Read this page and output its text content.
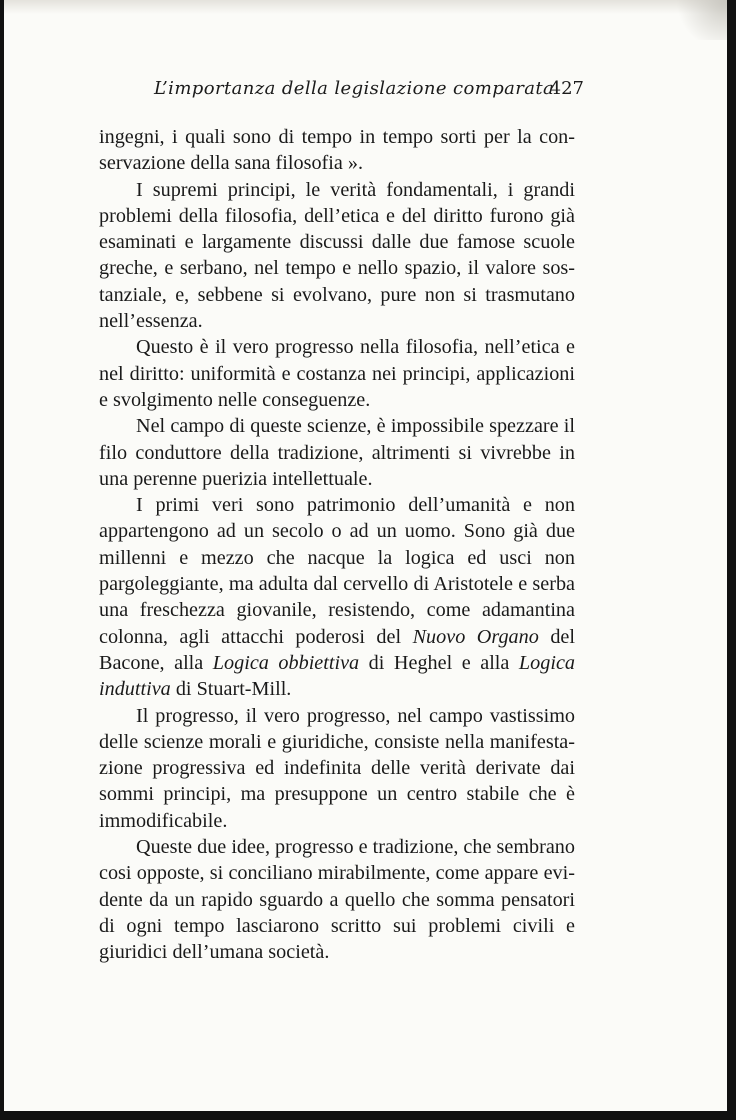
L’importanza della legislazione comparata
427

ingegni, i quali sono di tempo in tempo sorti per la conservazione della sana filosofia ».

I supremi principi, le verità fondamentali, i grandi problemi della filosofia, dell’etica e del diritto furono già esaminati e largamente discussi dalle due famose scuole greche, e serbano, nel tempo e nello spazio, il valore sostanziale, e, sebbene si evolvano, pure non si trasmutano nell’essenza.

Questo è il vero progresso nella filosofia, nell’etica e nel diritto: uniformità e costanza nei principi, applicazioni e svolgimento nelle conseguenze.

Nel campo di queste scienze, è impossibile spezzare il filo conduttore della tradizione, altrimenti si vivrebbe in una perenne puerizia intellettuale.

I primi veri sono patrimonio dell’umanità e non appartengono ad un secolo o ad un uomo. Sono già due millenni e mezzo che nacque la logica ed usci non pargoleggiante, ma adulta dal cervello di Aristotele e serba una freschezza giovanile, resistendo, come adamantina colonna, agli attacchi poderosi del Nuovo Organo del Bacone, alla Logica obbiettiva di Heghel e alla Logica induttiva di Stuart-Mill.

Il progresso, il vero progresso, nel campo vastissimo delle scienze morali e giuridiche, consiste nella manifestazione progressiva ed indefinita delle verità derivate dai sommi principi, ma presuppone un centro stabile che è immodificabile.

Queste due idee, progresso e tradizione, che sembrano cosi opposte, si conciliano mirabilmente, come appare evidente da un rapido sguardo a quello che somma pensatori di ogni tempo lasciarono scritto sui problemi civili e giuridici dell’umana società.
